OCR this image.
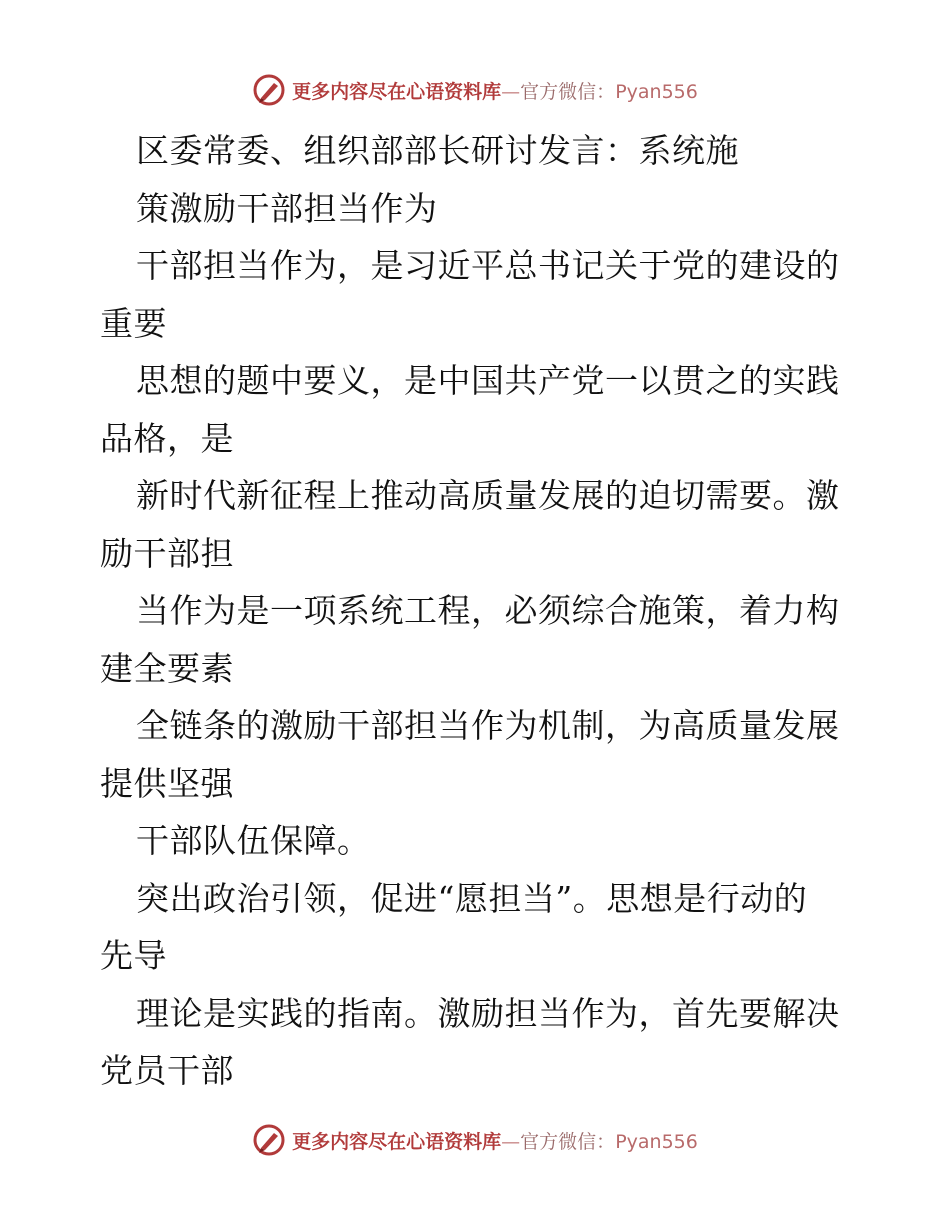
更多内容尽在心语资料库—官方微信：Pyan556
区委常委、组织部部长研讨发言：系统施
策激励干部担当作为
干部担当作为，是习近平总书记关于党的建设的
重要
思想的题中要义，是中国共产党一以贯之的实践
品格，是
新时代新征程上推动高质量发展的迫切需要。激
励干部担
当作为是一项系统工程，必须综合施策，着力构
建全要素
全链条的激励干部担当作为机制，为高质量发展
提供坚强
干部队伍保障。
突出政治引领，促进“愿担当”。思想是行动的
先导
理论是实践的指南。激励担当作为，首先要解决
党员干部
更多内容尽在心语资料库—官方微信：Pyan556
